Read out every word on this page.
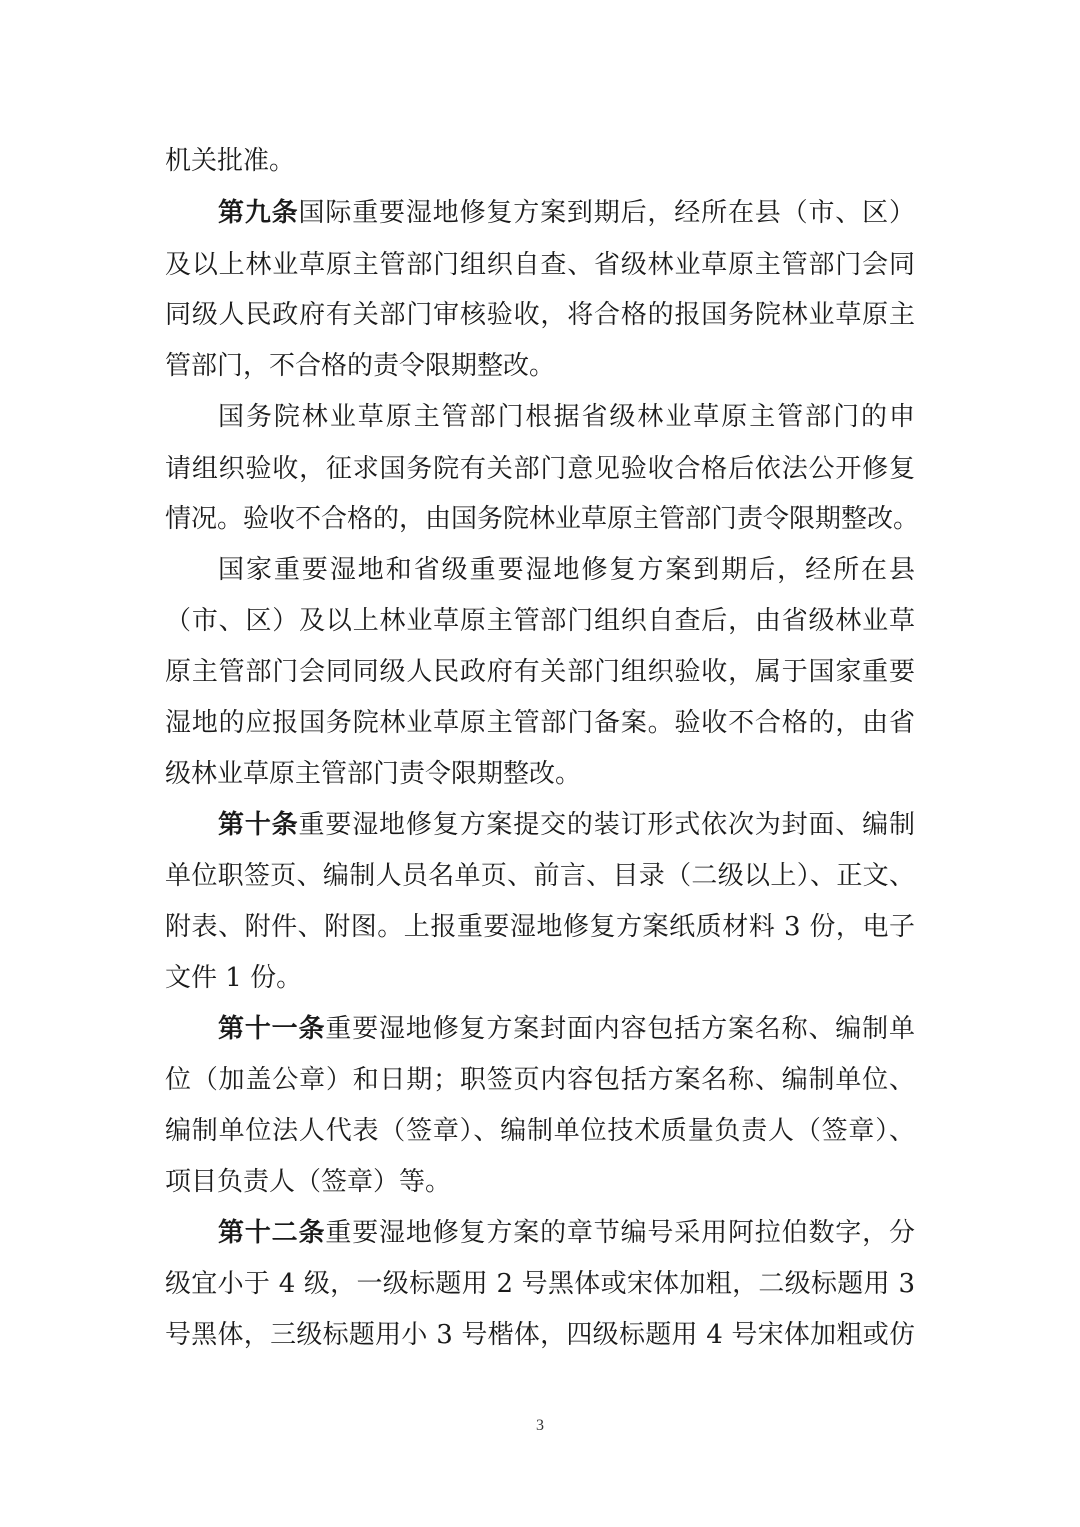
机关批准。
第九条国际重要湿地修复方案到期后，经所在县（市、区）
及以上林业草原主管部门组织自查、省级林业草原主管部门会同
同级人民政府有关部门审核验收，将合格的报国务院林业草原主
管部门，不合格的责令限期整改。
国务院林业草原主管部门根据省级林业草原主管部门的申
请组织验收，征求国务院有关部门意见验收合格后依法公开修复
情况。验收不合格的，由国务院林业草原主管部门责令限期整改。
国家重要湿地和省级重要湿地修复方案到期后，经所在县
（市、区）及以上林业草原主管部门组织自查后，由省级林业草
原主管部门会同同级人民政府有关部门组织验收，属于国家重要
湿地的应报国务院林业草原主管部门备案。验收不合格的，由省
级林业草原主管部门责令限期整改。
第十条重要湿地修复方案提交的装订形式依次为封面、编制
单位职签页、编制人员名单页、前言、目录（二级以上）、正文、
附表、附件、附图。上报重要湿地修复方案纸质材料 3 份，电子
文件 1 份。
第十一条重要湿地修复方案封面内容包括方案名称、编制单
位（加盖公章）和日期；职签页内容包括方案名称、编制单位、
编制单位法人代表（签章）、编制单位技术质量负责人（签章）、
项目负责人（签章）等。
第十二条重要湿地修复方案的章节编号采用阿拉伯数字，分
级宜小于 4 级，一级标题用 2 号黑体或宋体加粗，二级标题用 3
号黑体，三级标题用小 3 号楷体，四级标题用 4 号宋体加粗或仿
3
